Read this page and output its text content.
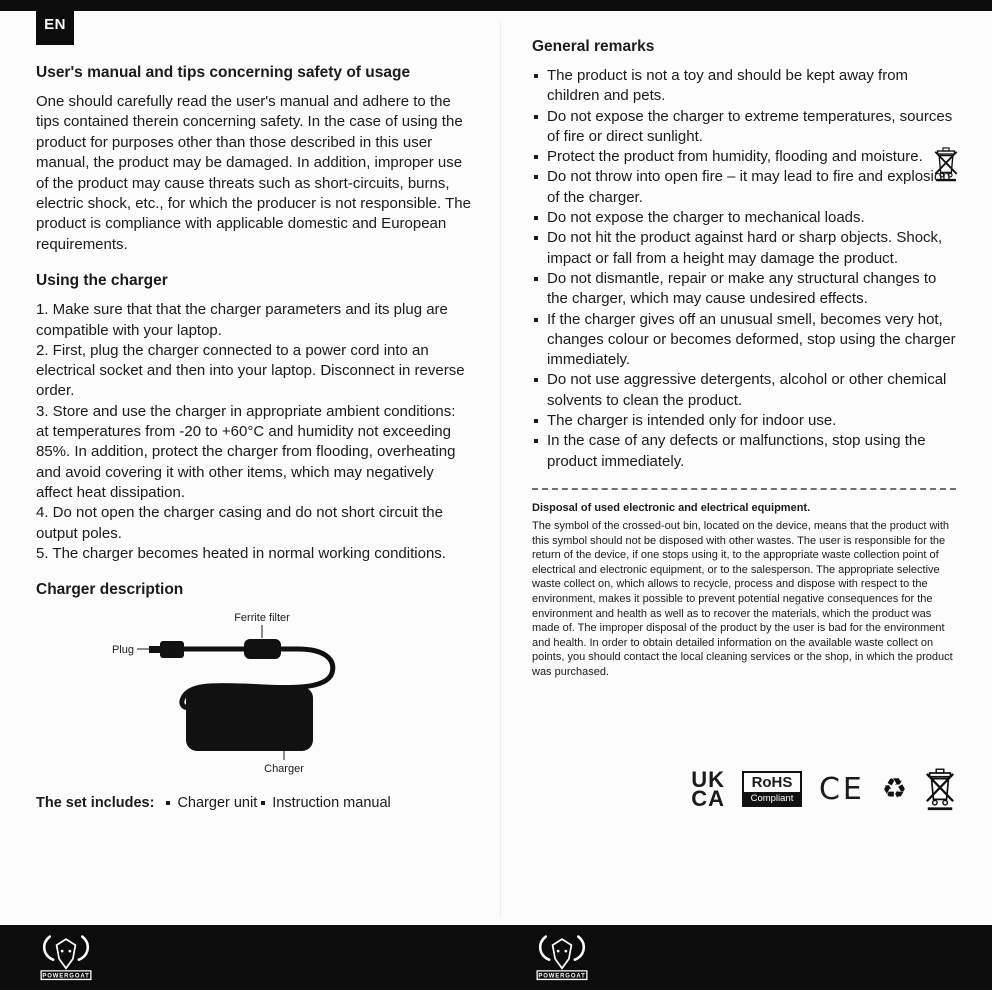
EN
User's manual and tips concerning safety of usage

One should carefully read the user's manual and adhere to the tips contained therein concerning safety. In the case of using the product for purposes other than those described in this user manual, the product may be damaged. In addition, improper use of the product may cause threats such as short-circuits, burns, electric shock, etc., for which the producer is not responsible. The product is compliance with applicable domestic and European requirements.

Using the charger
1. Make sure that that the charger parameters and its plug are compatible with your laptop.
2. First, plug the charger connected to a power cord into an electrical socket and then into your laptop. Disconnect in reverse order.
3. Store and use the charger in appropriate ambient conditions: at temperatures from -20 to +60°C and humidity not exceeding 85%. In addition, protect the charger from flooding, overheating and avoid covering it with other items, which may negatively affect heat dissipation.
4. Do not open the charger casing and do not short circuit the output poles.
5. The charger becomes heated in normal working conditions.
Charger description
Ferrite filter
Plug
Charger
The set includes: Charger unit Instruction manual
General remarks
The product is not a toy and should be kept away from children and pets.
Do not expose the charger to extreme temperatures, sources of fire or direct sunlight.
Protect the product from humidity, flooding and moisture.
Do not throw into open fire – it may lead to fire and explosion of the charger.
Do not expose the charger to mechanical loads.
Do not hit the product against hard or sharp objects. Shock, impact or fall from a height may damage the product.
Do not dismantle, repair or make any structural changes to the charger, which may cause undesired effects.
If the charger gives off an unusual smell, becomes very hot, changes colour or becomes deformed, stop using the charger immediately.
Do not use aggressive detergents, alcohol or other chemical solvents to clean the product.
The charger is intended only for indoor use.
In the case of any defects or malfunctions, stop using the product immediately.
Disposal of used electronic and electrical equipment.

The symbol of the crossed-out bin, located on the device, means that the product with this symbol should not be disposed with other wastes. The user is responsible for the return of the device, if one stops using it, to the appropriate waste collection point of electrical and electronic equipment, or to the salesperson. The appropriate selective waste collect on, which allows to recycle, process and dispose with respect to the environment, makes it possible to prevent potential negative consequences for the environment and health as well as to recover the materials, which the product was made of. The improper disposal of the product by the user is bad for the environment and health. In order to obtain detailed information on the available waste collect on points, you should contact the local cleaning services or the shop, in which the product was purchased.

UK
CA
RoHS
Compliant CE ♻
POWERGOAT	POWERGOAT
